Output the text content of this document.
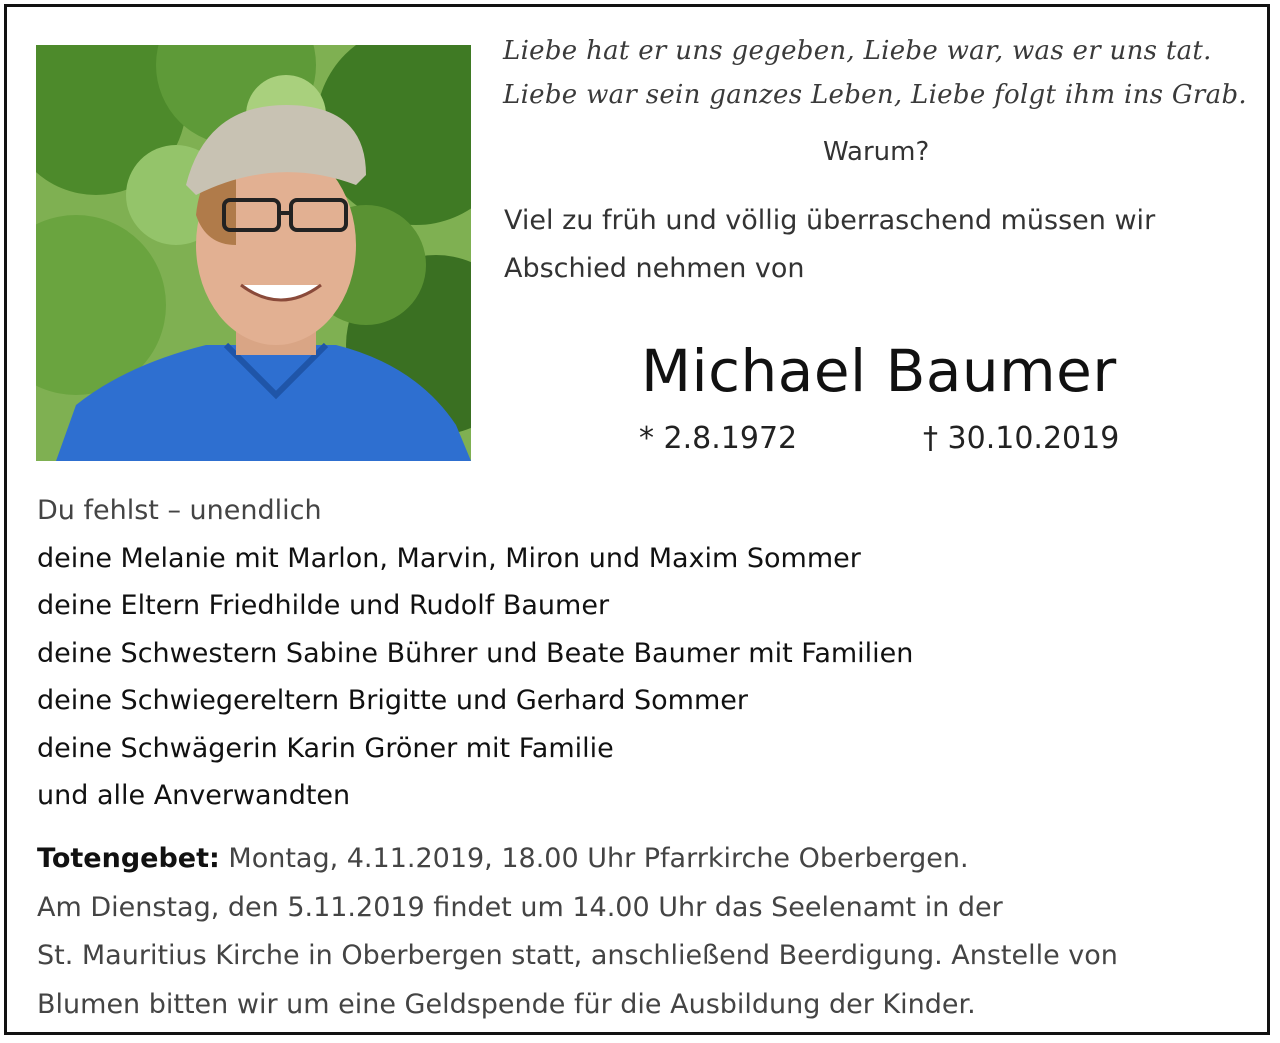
Liebe hat er uns gegeben, Liebe war, was er uns tat.
Liebe war sein ganzes Leben, Liebe folgt ihm ins Grab.
Warum?
Viel zu früh und völlig überraschend müssen wir
Abschied nehmen von
Michael Baumer
* 2.8.1972	† 30.10.2019
Du fehlst – unendlich
deine Melanie mit Marlon, Marvin, Miron und Maxim Sommer
deine Eltern Friedhilde und Rudolf Baumer
deine Schwestern Sabine Bührer und Beate Baumer mit Familien
deine Schwiegereltern Brigitte und Gerhard Sommer
deine Schwägerin Karin Gröner mit Familie
und alle Anverwandten
Totengebet: Montag, 4.11.2019, 18.00 Uhr Pfarrkirche Oberbergen.
Am Dienstag, den 5.11.2019 findet um 14.00 Uhr das Seelenamt in der
St. Mauritius Kirche in Oberbergen statt, anschließend Beerdigung. Anstelle von
Blumen bitten wir um eine Geldspende für die Ausbildung der Kinder.
